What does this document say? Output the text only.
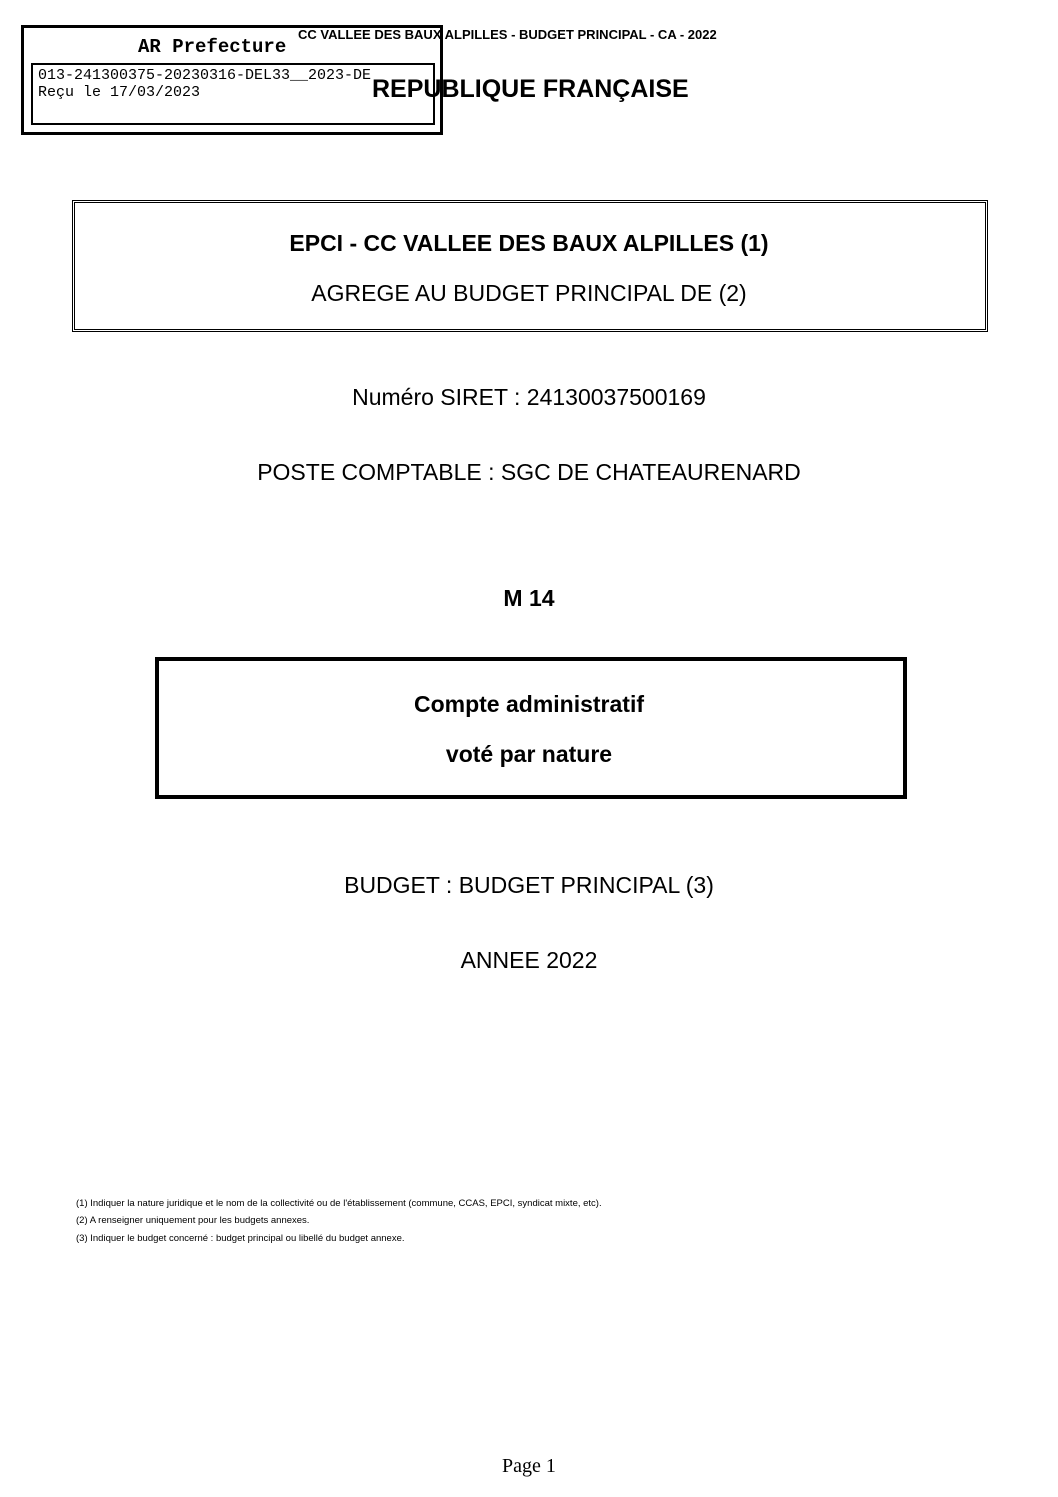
CC VALLEE DES BAUX ALPILLES - BUDGET PRINCIPAL - CA - 2022
AR Prefecture
013-241300375-20230316-DEL33__2023-DE
Reçu le 17/03/2023	REPUBLIQUE FRANÇAISE
EPCI - CC VALLEE DES BAUX ALPILLES (1)
AGREGE AU BUDGET PRINCIPAL DE (2)
Numéro SIRET : 24130037500169
POSTE COMPTABLE : SGC DE CHATEAURENARD
M 14
Compte administratif
voté par nature
BUDGET : BUDGET PRINCIPAL (3)
ANNEE 2022
(1) Indiquer la nature juridique et le nom de la collectivité ou de l'établissement (commune, CCAS, EPCI, syndicat mixte, etc).
(2) A renseigner uniquement pour les budgets annexes.
(3) Indiquer le budget concerné : budget principal ou libellé du budget annexe.
Page 1
